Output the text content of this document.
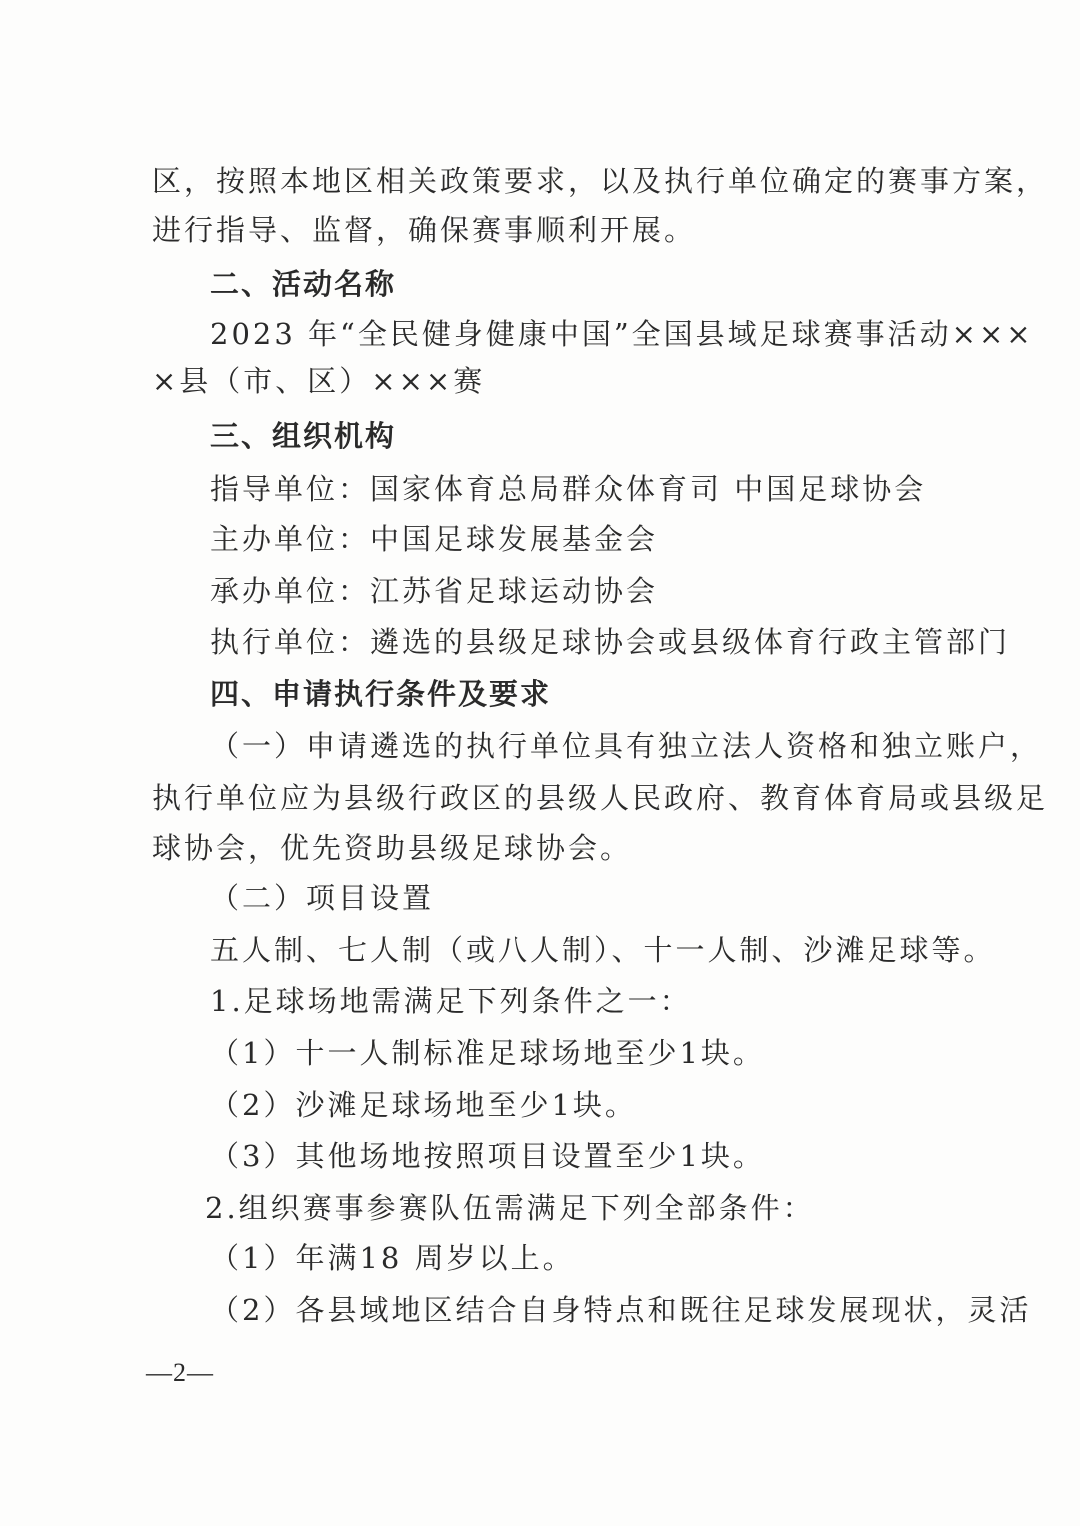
区，按照本地区相关政策要求，以及执行单位确定的赛事方案，
进行指导、监督，确保赛事顺利开展。
二、活动名称
2023 年“全民健身健康中国”全国县域足球赛事活动×××
×县（市、区）×××赛
三、组织机构
指导单位：国家体育总局群众体育司 中国足球协会
主办单位：中国足球发展基金会
承办单位：江苏省足球运动协会
执行单位：遴选的县级足球协会或县级体育行政主管部门
四、申请执行条件及要求
（一）申请遴选的执行单位具有独立法人资格和独立账户，
执行单位应为县级行政区的县级人民政府、教育体育局或县级足
球协会，优先资助县级足球协会。
（二）项目设置
五人制、七人制（或八人制）、十一人制、沙滩足球等。
1.足球场地需满足下列条件之一：
（1）十一人制标准足球场地至少1块。
（2）沙滩足球场地至少1块。
（3）其他场地按照项目设置至少1块。
2.组织赛事参赛队伍需满足下列全部条件：
（1）年满18 周岁以上。
（2）各县域地区结合自身特点和既往足球发展现状，灵活
—2—
